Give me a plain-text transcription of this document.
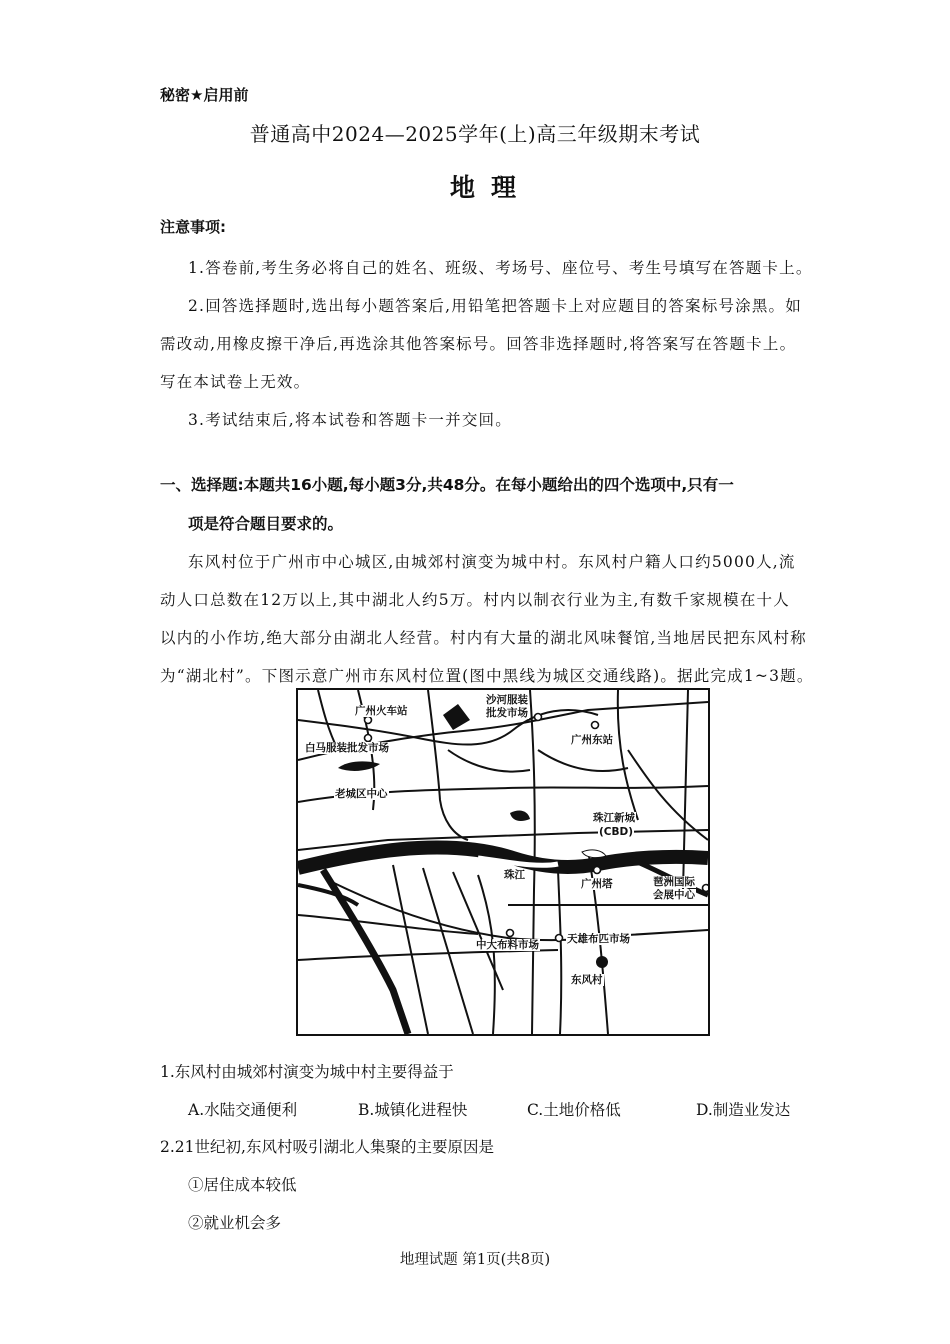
秘密★启用前
普通高中2024—2025学年(上)高三年级期末考试
地理
注意事项:
1.答卷前,考生务必将自己的姓名、班级、考场号、座位号、考生号填写在答题卡上。
2.回答选择题时,选出每小题答案后,用铅笔把答题卡上对应题目的答案标号涂黑。如
需改动,用橡皮擦干净后,再选涂其他答案标号。回答非选择题时,将答案写在答题卡上。
写在本试卷上无效。
3.考试结束后,将本试卷和答题卡一并交回。
一、选择题:本题共16小题,每小题3分,共48分。在每小题给出的四个选项中,只有一
项是符合题目要求的。
东风村位于广州市中心城区,由城郊村演变为城中村。东风村户籍人口约5000人,流
动人口总数在12万以上,其中湖北人约5万。村内以制衣行业为主,有数千家规模在十人
以内的小作坊,绝大部分由湖北人经营。村内有大量的湖北风味餐馆,当地居民把东风村称
为“湖北村”。下图示意广州市东风村位置(图中黑线为城区交通线路)。据此完成1~3题。
广州火车站
沙河服装
批发市场
广州东站
白马服装批发市场
老城区中心
珠江新城
(CBD)
珠江
广州塔	琶洲国际
会展中心
中大布料市场	天雄布匹市场
东风村
1.东风村由城郊村演变为城中村主要得益于
A.水陆交通便利	B.城镇化进程快	C.土地价格低	D.制造业发达
2.21世纪初,东风村吸引湖北人集聚的主要原因是
①居住成本较低
②就业机会多
地理试题 第1页(共8页)
